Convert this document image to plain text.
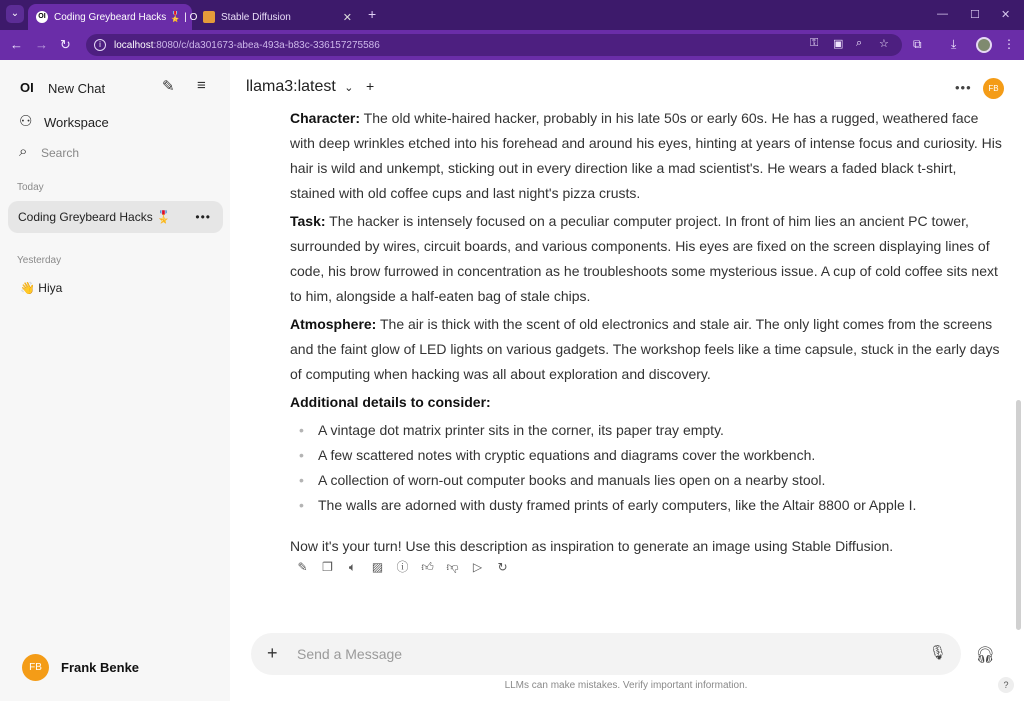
⌄	OI Coding Greybeard Hacks 🎖️ | O Stable Diffusion	✕ +	— ☐ ✕
← → ↻	i	localhost :8080/c/da301673-abea-493a-b83c-336157275586	⚿ ▣ ⌕ ☆ ⧉ ⤓	⋮
OI New Chat	✎ ≡
⚇ Workspace
⌕ Search
Today
Coding Greybeard Hacks 🎖️ •••
Yesterday
👋 Hiya
FB	Frank Benke
llama3:latest ⌄ +	•••	FB

Character: The old white-haired hacker, probably in his late 50s or early 60s. He has a rugged, weathered face with deep wrinkles etched into his forehead and around his eyes, hinting at years of intense focus and curiosity. His hair is wild and unkempt, sticking out in every direction like a mad scientist's. He wears a faded black t-shirt, stained with old coffee cups and last night's pizza crusts.

Task: The hacker is intensely focused on a peculiar computer project. In front of him lies an ancient PC tower, surrounded by wires, circuit boards, and various components. His eyes are fixed on the screen displaying lines of code, his brow furrowed in concentration as he troubleshoots some mysterious issue. A cup of cold coffee sits next to him, alongside a half-eaten bag of stale chips.

Atmosphere: The air is thick with the scent of old electronics and stale air. The only light comes from the screens and the faint glow of LED lights on various gadgets. The workshop feels like a time capsule, stuck in the early days of computing when hacking was all about exploration and discovery.

Additional details to consider:

• A vintage dot matrix printer sits in the corner, its paper tray empty.
• A few scattered notes with cryptic equations and diagrams cover the workbench.
• A collection of worn-out computer books and manuals lies open on a nearby stool.
• The walls are adorned with dusty framed prints of early computers, like the Altair 8800 or Apple I.

Now it's your turn! Use this description as inspiration to generate an image using Stable Diffusion.

✎ ❐	🔈︎	▨ ⓘ 👍︎ 👎︎ ▷ ↻
+
Send a Message	🎙︎ 🎧︎
LLMs can make mistakes. Verify important information.	?
